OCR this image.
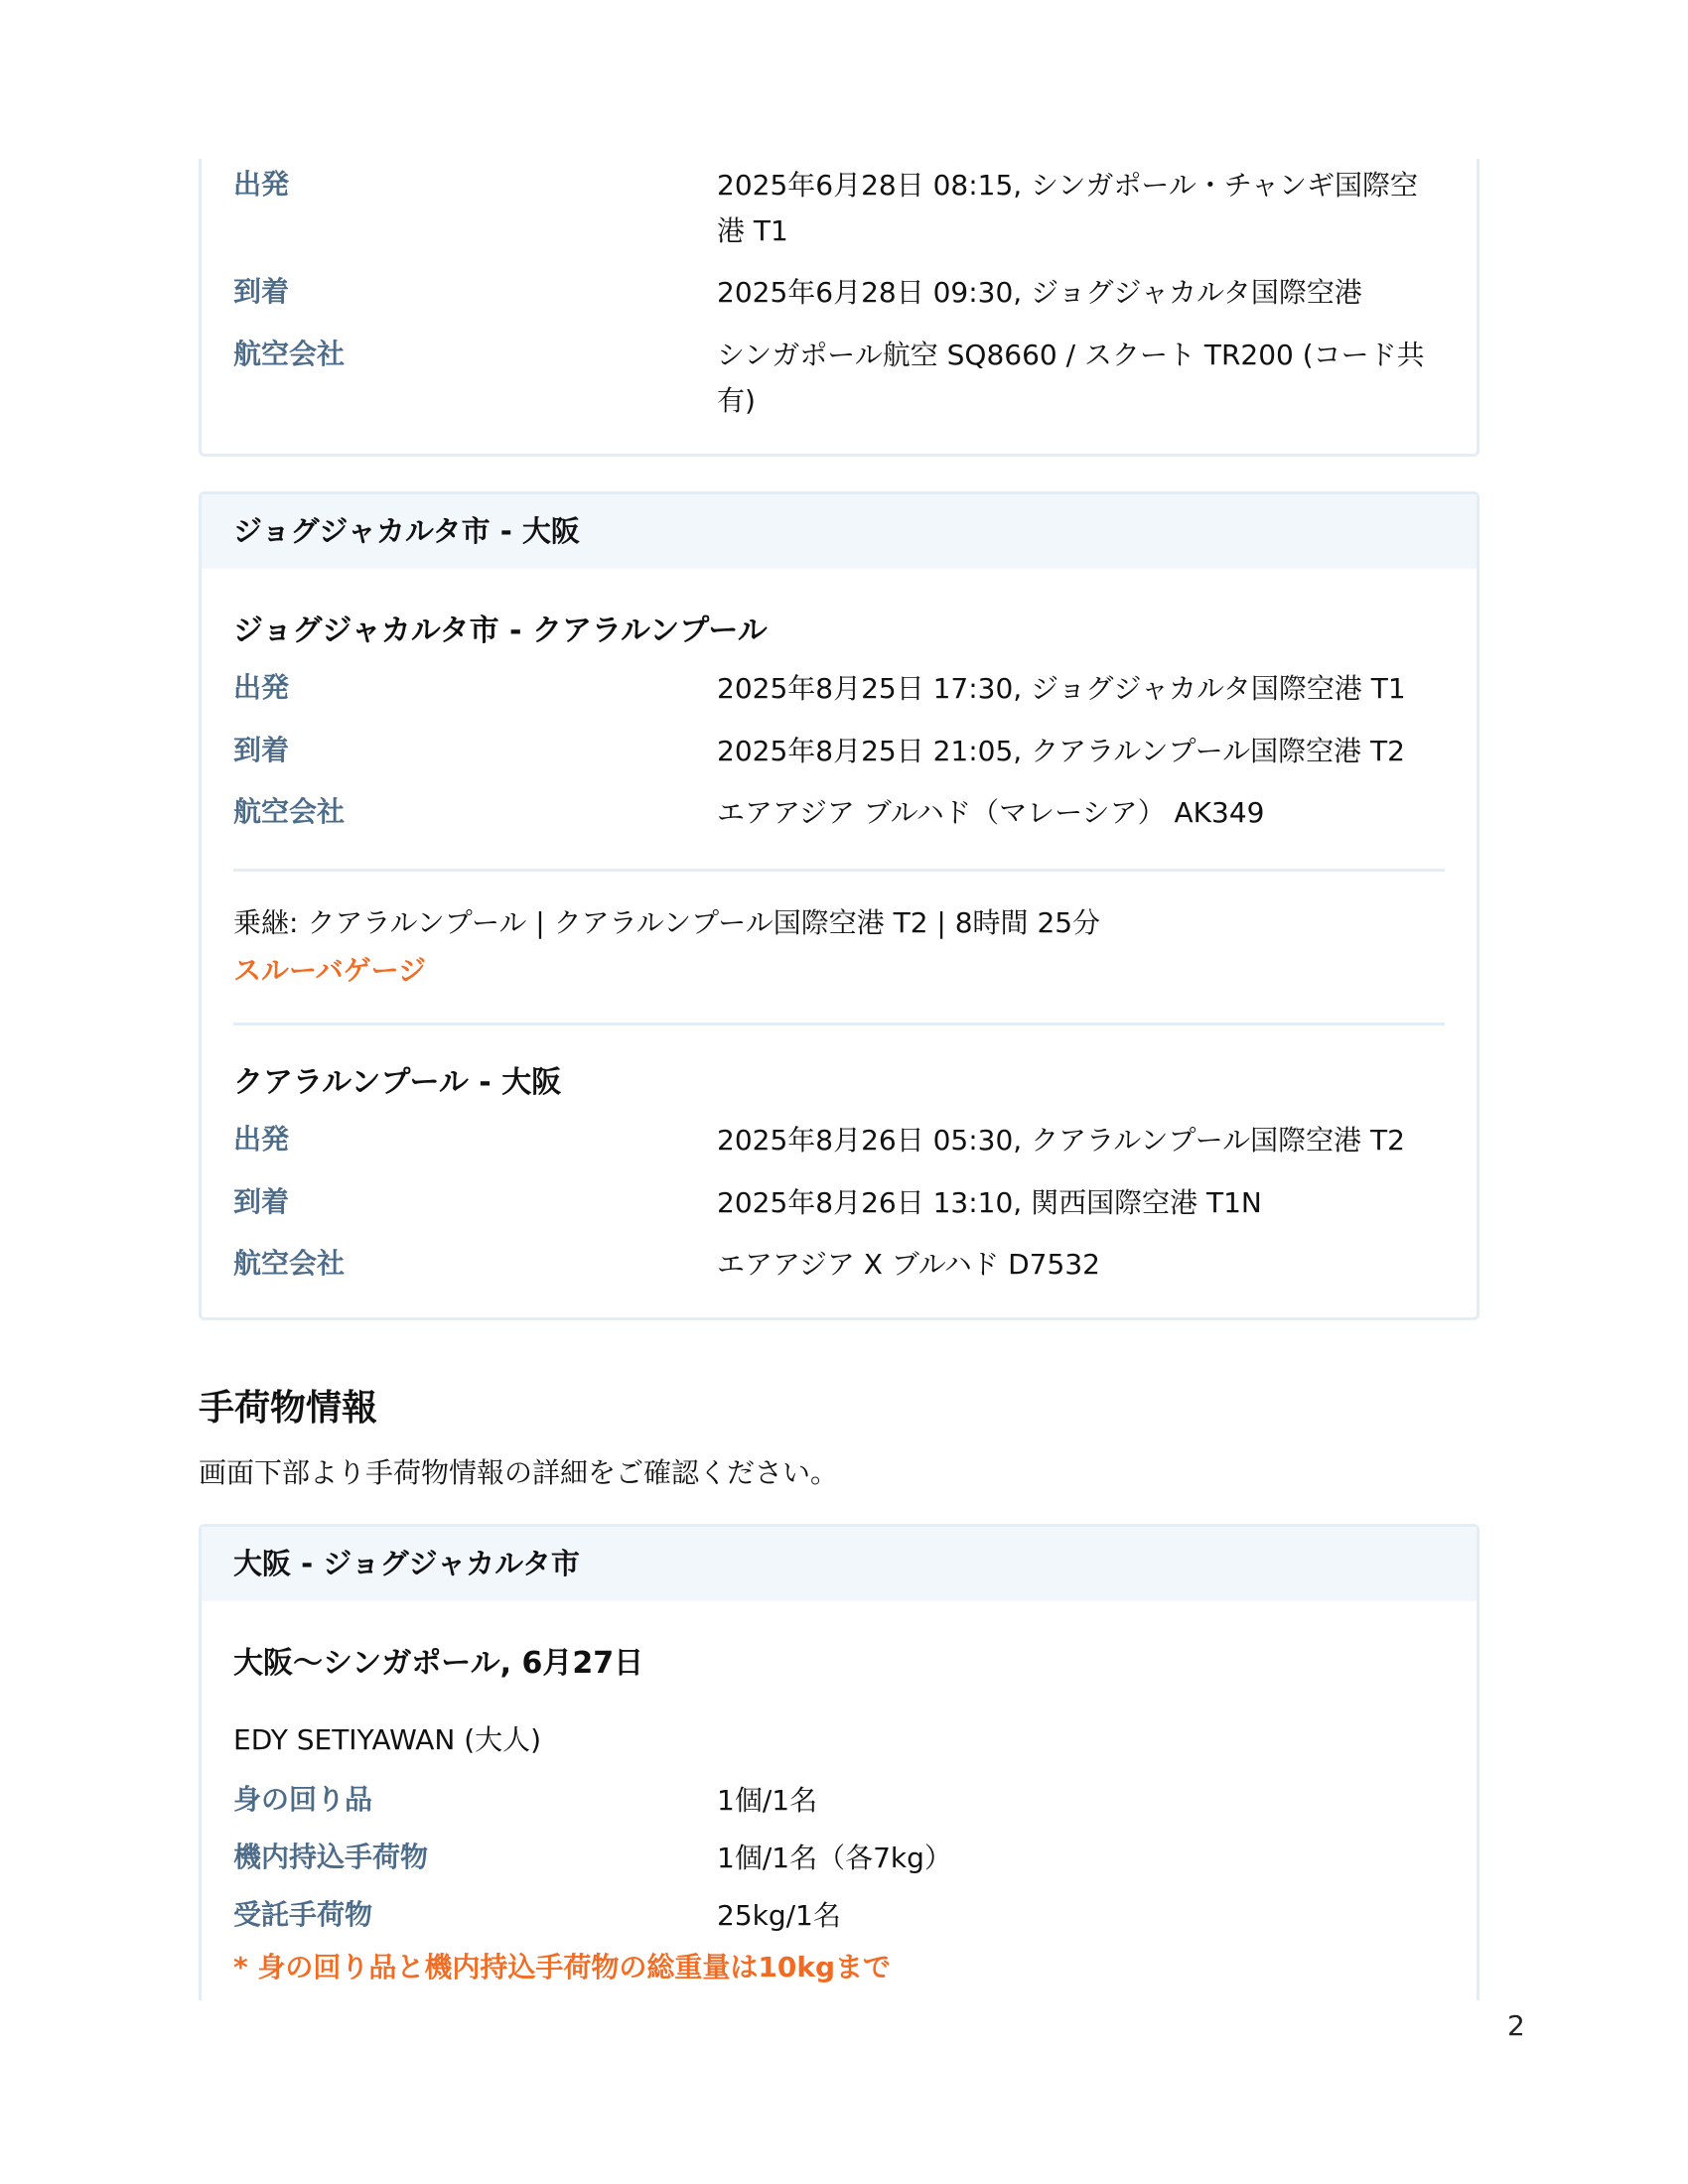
出発	2025年6月28日 08:15, シンガポール・チャンギ国際空港 T1
到着	2025年6月28日 09:30, ジョグジャカルタ国際空港
航空会社	シンガポール航空 SQ8660 / スクート TR200 (コード共有)
ジョグジャカルタ市 - 大阪
ジョグジャカルタ市 - クアラルンプール
出発	2025年8月25日 17:30, ジョグジャカルタ国際空港 T1
到着	2025年8月25日 21:05, クアラルンプール国際空港 T2
航空会社	エアアジア ブルハド（マレーシア） AK349
乗継: クアラルンプール | クアラルンプール国際空港 T2 | 8時間 25分
スルーバゲージ
クアラルンプール - 大阪
出発	2025年8月26日 05:30, クアラルンプール国際空港 T2
到着	2025年8月26日 13:10, 関西国際空港 T1N
航空会社	エアアジア X ブルハド D7532
手荷物情報
画面下部より手荷物情報の詳細をご確認ください。
大阪 - ジョグジャカルタ市
大阪〜シンガポール, 6月27日
EDY SETIYAWAN (大人)
身の回り品	1個/1名
機内持込手荷物	1個/1名（各7kg）
受託手荷物	25kg/1名
* 身の回り品と機内持込手荷物の総重量は10kgまで
2
